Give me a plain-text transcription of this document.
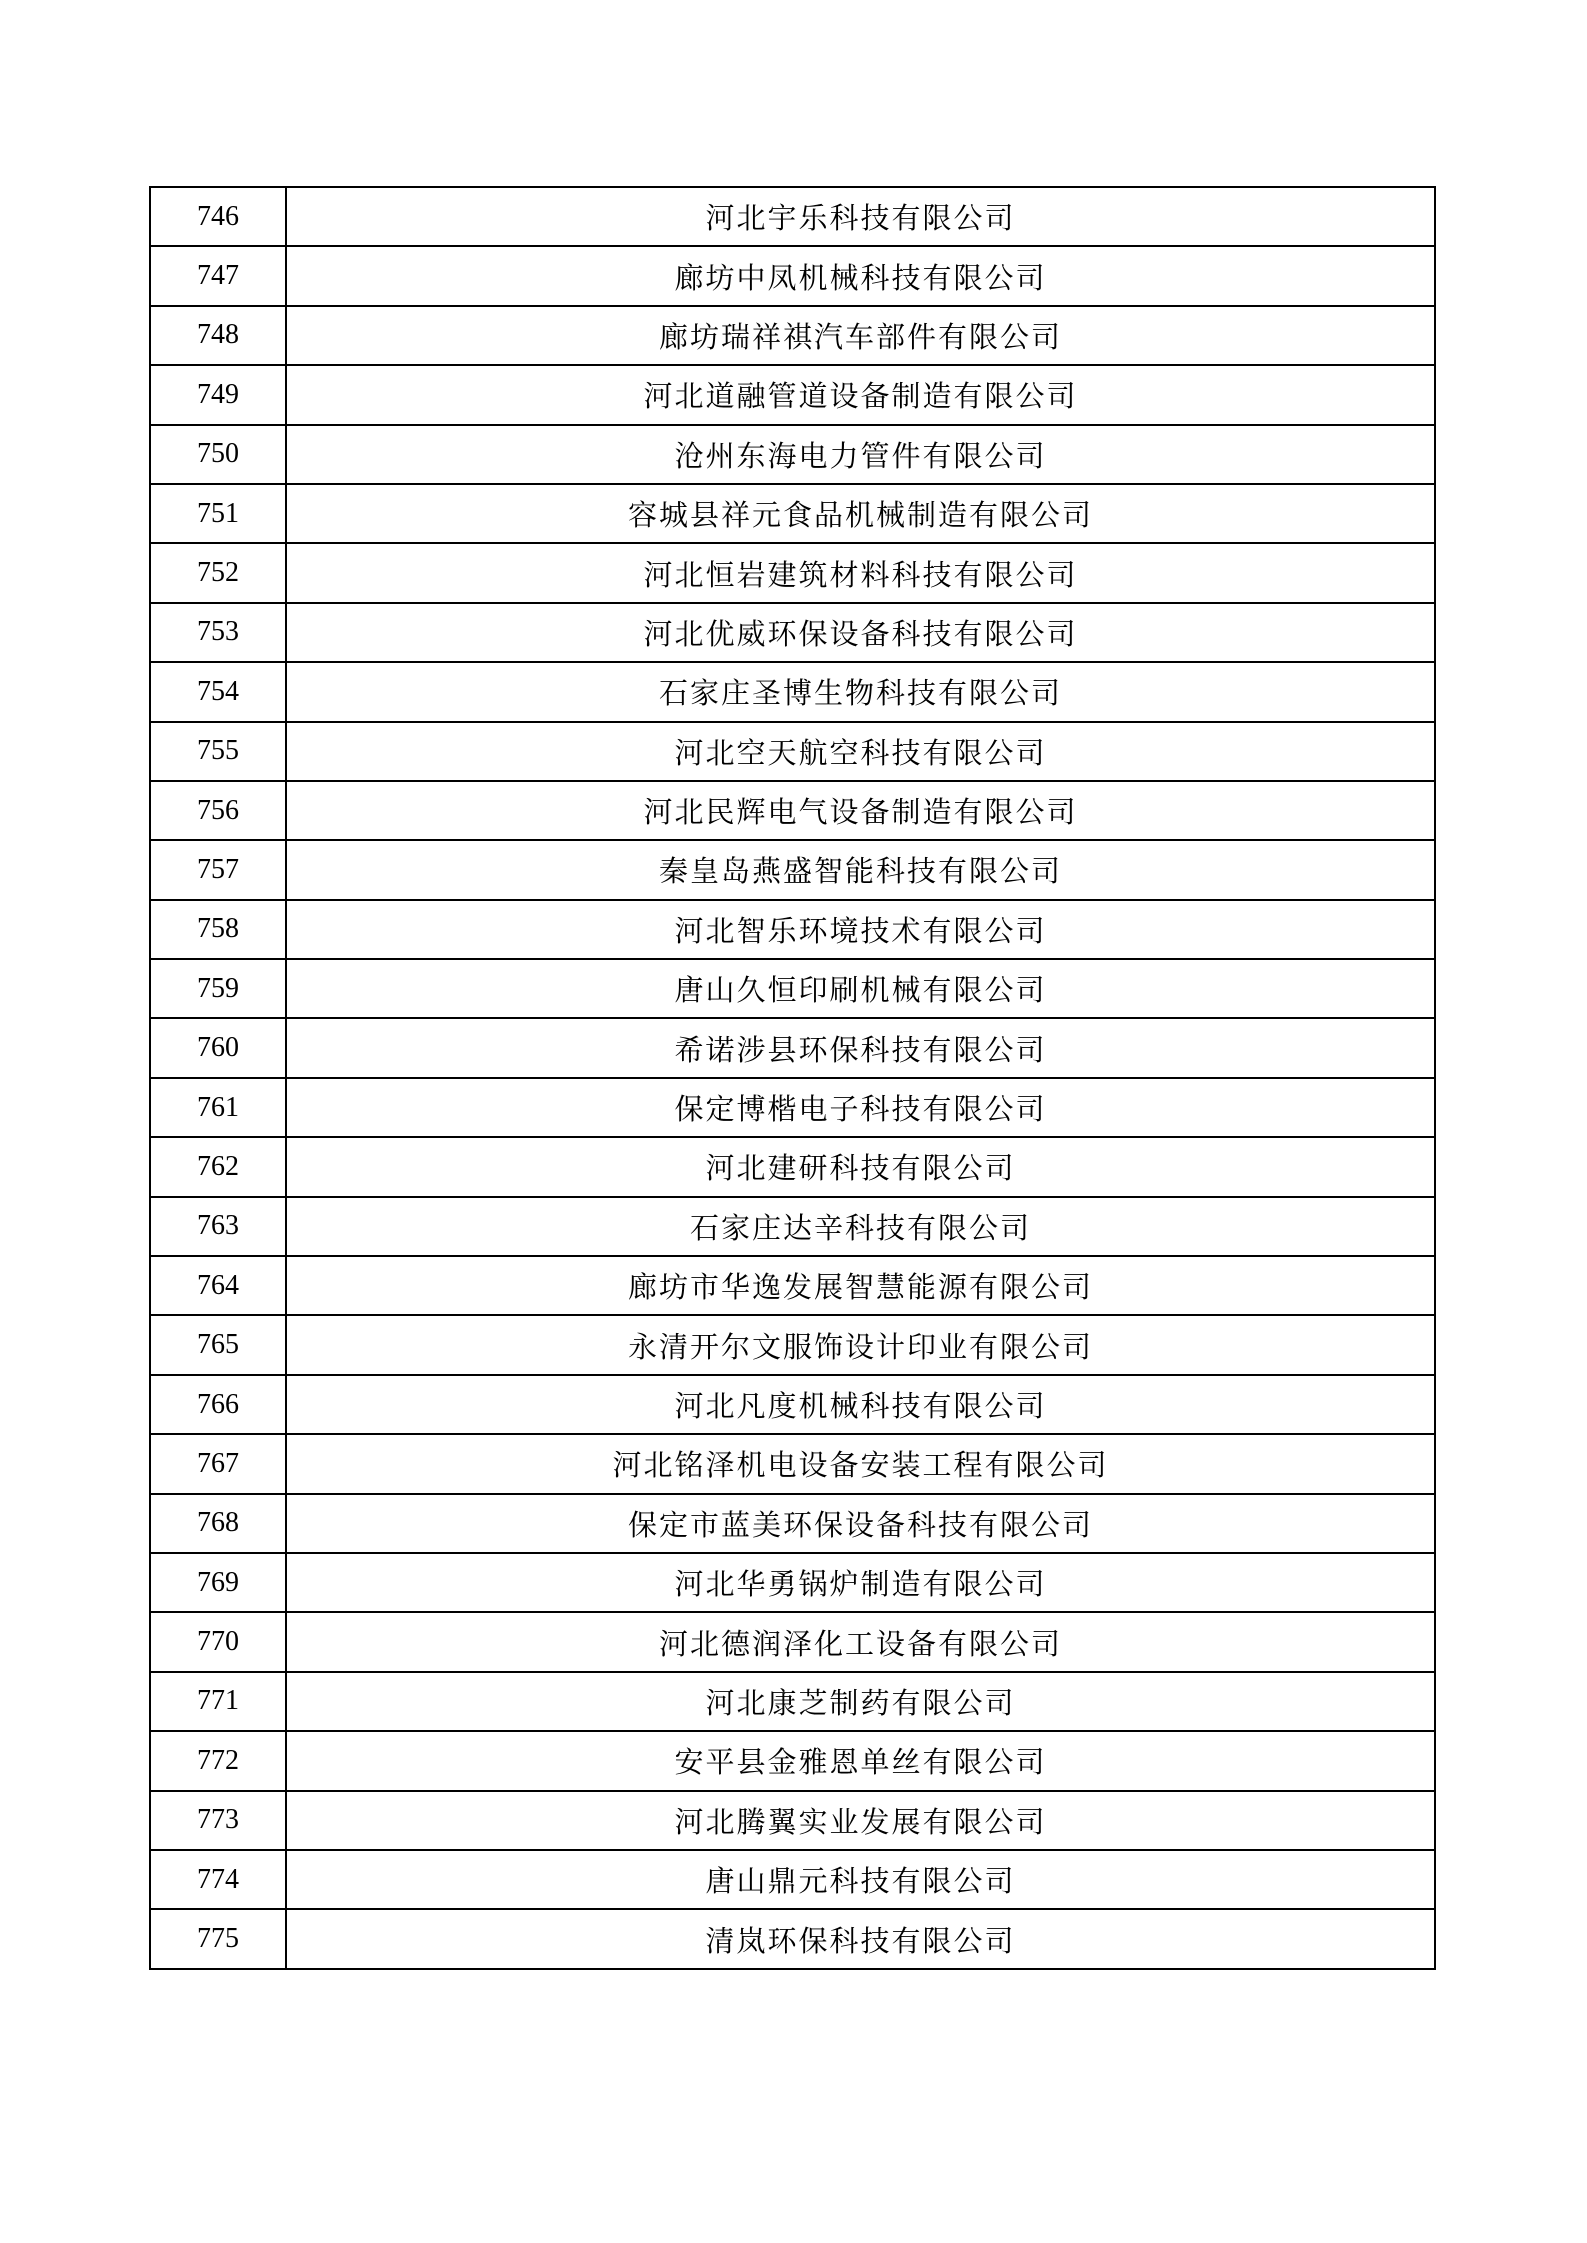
746	河北宇乐科技有限公司
747	廊坊中凤机械科技有限公司
748	廊坊瑞祥祺汽车部件有限公司
749	河北道融管道设备制造有限公司
750	沧州东海电力管件有限公司
751	容城县祥元食品机械制造有限公司
752	河北恒岩建筑材料科技有限公司
753	河北优威环保设备科技有限公司
754	石家庄圣博生物科技有限公司
755	河北空天航空科技有限公司
756	河北民辉电气设备制造有限公司
757	秦皇岛燕盛智能科技有限公司
758	河北智乐环境技术有限公司
759	唐山久恒印刷机械有限公司
760	希诺涉县环保科技有限公司
761	保定博楷电子科技有限公司
762	河北建研科技有限公司
763	石家庄达辛科技有限公司
764	廊坊市华逸发展智慧能源有限公司
765	永清开尔文服饰设计印业有限公司
766	河北凡度机械科技有限公司
767	河北铭泽机电设备安装工程有限公司
768	保定市蓝美环保设备科技有限公司
769	河北华勇锅炉制造有限公司
770	河北德润泽化工设备有限公司
771	河北康芝制药有限公司
772	安平县金雅恩单丝有限公司
773	河北腾翼实业发展有限公司
774	唐山鼎元科技有限公司
775	清岚环保科技有限公司
